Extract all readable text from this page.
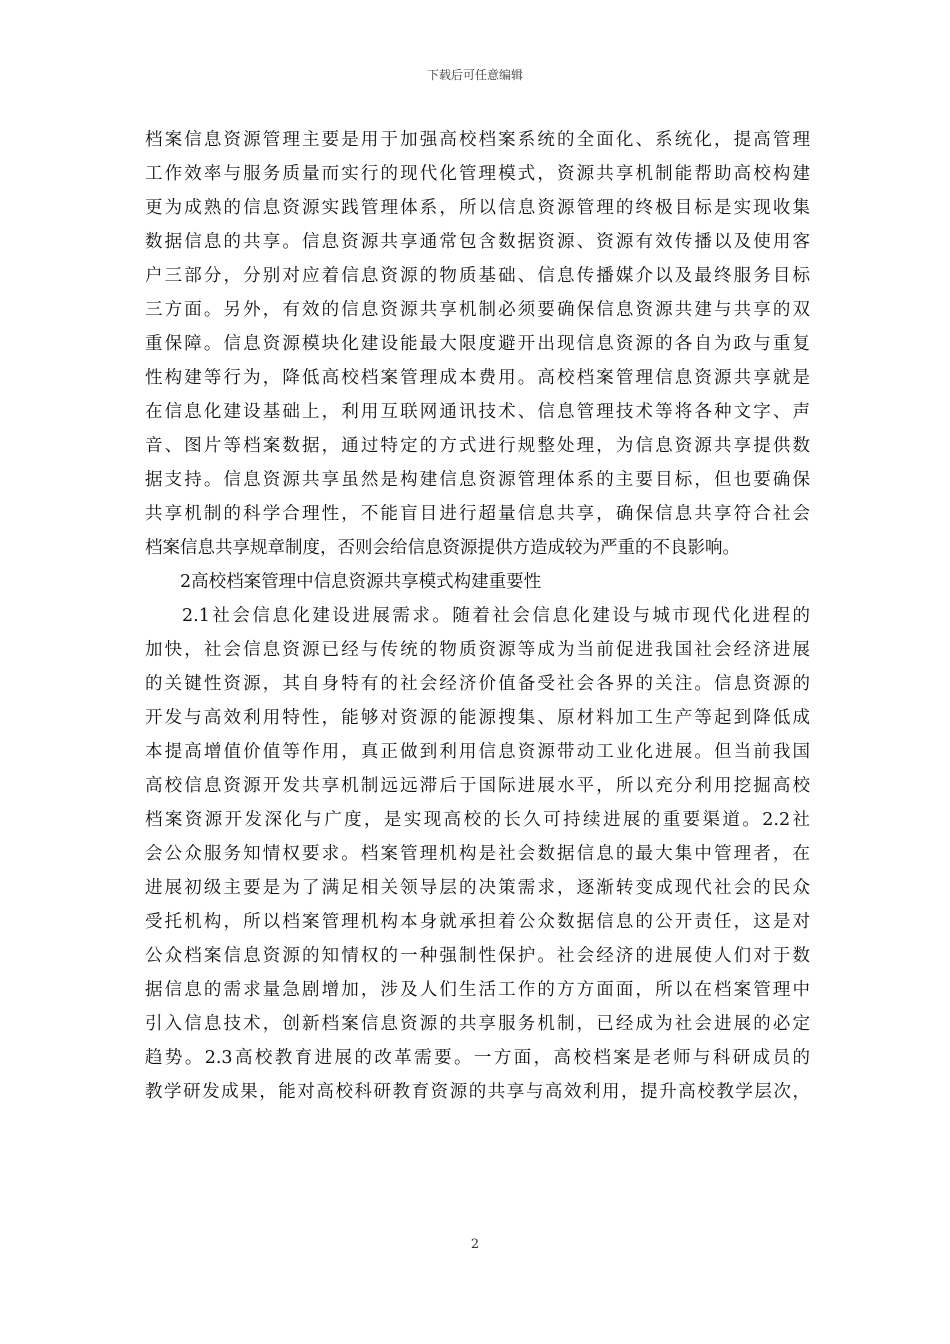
下载后可任意编辑
档案信息资源管理主要是用于加强高校档案系统的全面化、系统化，提高管理
工作效率与服务质量而实行的现代化管理模式，资源共享机制能帮助高校构建
更为成熟的信息资源实践管理体系，所以信息资源管理的终极目标是实现收集
数据信息的共享。信息资源共享通常包含数据资源、资源有效传播以及使用客
户三部分，分别对应着信息资源的物质基础、信息传播媒介以及最终服务目标
三方面。另外，有效的信息资源共享机制必须要确保信息资源共建与共享的双
重保障。信息资源模块化建设能最大限度避开出现信息资源的各自为政与重复
性构建等行为，降低高校档案管理成本费用。高校档案管理信息资源共享就是
在信息化建设基础上，利用互联网通讯技术、信息管理技术等将各种文字、声
音、图片等档案数据，通过特定的方式进行规整处理，为信息资源共享提供数
据支持。信息资源共享虽然是构建信息资源管理体系的主要目标，但也要确保
共享机制的科学合理性，不能盲目进行超量信息共享，确保信息共享符合社会
档案信息共享规章制度，否则会给信息资源提供方造成较为严重的不良影响。
2高校档案管理中信息资源共享模式构建重要性
2.1社会信息化建设进展需求。随着社会信息化建设与城市现代化进程的
加快，社会信息资源已经与传统的物质资源等成为当前促进我国社会经济进展
的关键性资源，其自身特有的社会经济价值备受社会各界的关注。信息资源的
开发与高效利用特性，能够对资源的能源搜集、原材料加工生产等起到降低成
本提高增值价值等作用，真正做到利用信息资源带动工业化进展。但当前我国
高校信息资源开发共享机制远远滞后于国际进展水平，所以充分利用挖掘高校
档案资源开发深化与广度，是实现高校的长久可持续进展的重要渠道。2.2社
会公众服务知情权要求。档案管理机构是社会数据信息的最大集中管理者，在
进展初级主要是为了满足相关领导层的决策需求，逐渐转变成现代社会的民众
受托机构，所以档案管理机构本身就承担着公众数据信息的公开责任，这是对
公众档案信息资源的知情权的一种强制性保护。社会经济的进展使人们对于数
据信息的需求量急剧增加，涉及人们生活工作的方方面面，所以在档案管理中
引入信息技术，创新档案信息资源的共享服务机制，已经成为社会进展的必定
趋势。2.3高校教育进展的改革需要。一方面，高校档案是老师与科研成员的
教学研发成果，能对高校科研教育资源的共享与高效利用，提升高校教学层次，
2
